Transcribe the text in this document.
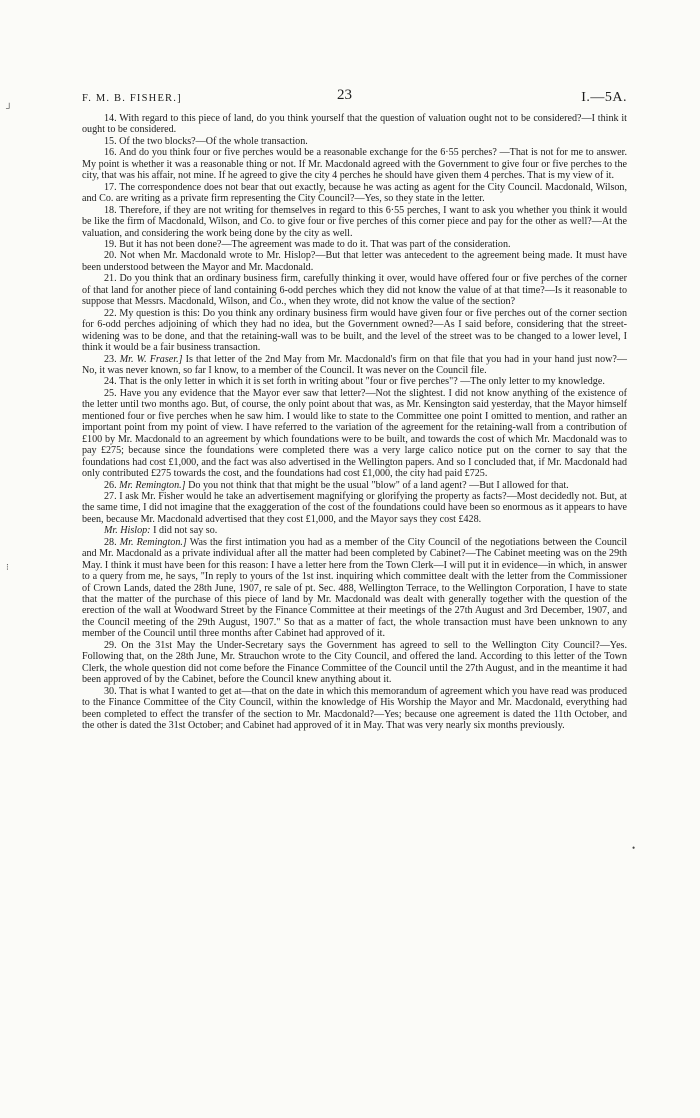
F. M. B. FISHER.]	23	I.—5A.
┘
⁝
•

14. With regard to this piece of land, do you think yourself that the question of valuation ought not to be considered?—I think it ought to be considered.

15. Of the two blocks?—Of the whole transaction.

16. And do you think four or five perches would be a reasonable exchange for the 6·55 perches? —That is not for me to answer. My point is whether it was a reasonable thing or not. If Mr. Macdonald agreed with the Government to give four or five perches to the city, that was his affair, not mine. If he agreed to give the city 4 perches he should have given them 4 perches. That is my view of it.

17. The correspondence does not bear that out exactly, because he was acting as agent for the City Council. Macdonald, Wilson, and Co. are writing as a private firm representing the City Council?—Yes, so they state in the letter.

18. Therefore, if they are not writing for themselves in regard to this 6·55 perches, I want to ask you whether you think it would be like the firm of Macdonald, Wilson, and Co. to give four or five perches of this corner piece and pay for the other as well?—At the valuation, and considering the work being done by the city as well.

19. But it has not been done?—The agreement was made to do it. That was part of the consideration.

20. Not when Mr. Macdonald wrote to Mr. Hislop?—But that letter was antecedent to the agreement being made. It must have been understood between the Mayor and Mr. Macdonald.

21. Do you think that an ordinary business firm, carefully thinking it over, would have offered four or five perches of the corner of that land for another piece of land containing 6-odd perches which they did not know the value of at that time?—Is it reasonable to suppose that Messrs. Macdonald, Wilson, and Co., when they wrote, did not know the value of the section?

22. My question is this: Do you think any ordinary business firm would have given four or five perches out of the corner section for 6-odd perches adjoining of which they had no idea, but the Government owned?—As I said before, considering that the street-widening was to be done, and that the retaining-wall was to be built, and the level of the street was to be changed to a lower level, I think it would be a fair business transaction.

23. Mr. W. Fraser.] Is that letter of the 2nd May from Mr. Macdonald's firm on that file that you had in your hand just now?—No, it was never known, so far I know, to a member of the Council. It was never on the Council file.

24. That is the only letter in which it is set forth in writing about "four or five perches"? —The only letter to my knowledge.

25. Have you any evidence that the Mayor ever saw that letter?—Not the slightest. I did not know anything of the existence of the letter until two months ago. But, of course, the only point about that was, as Mr. Kensington said yesterday, that the Mayor himself mentioned four or five perches when he saw him. I would like to state to the Committee one point I omitted to mention, and rather an important point from my point of view. I have referred to the variation of the agreement for the retaining-wall from a contribution of £100 by Mr. Macdonald to an agreement by which foundations were to be built, and towards the cost of which Mr. Macdonald was to pay £275; because since the foundations were completed there was a very large calico notice put on the corner to say that the foundations had cost £1,000, and the fact was also advertised in the Wellington papers. And so I concluded that, if Mr. Macdonald had only contributed £275 towards the cost, and the foundations had cost £1,000, the city had paid £725.

26. Mr. Remington.] Do you not think that that might be the usual "blow" of a land agent? —But I allowed for that.

27. I ask Mr. Fisher would he take an advertisement magnifying or glorifying the property as facts?—Most decidedly not. But, at the same time, I did not imagine that the exaggeration of the cost of the foundations could have been so enormous as it appears to have been, because Mr. Macdonald advertised that they cost £1,000, and the Mayor says they cost £428.

Mr. Hislop: I did not say so.

28. Mr. Remington.] Was the first intimation you had as a member of the City Council of the negotiations between the Council and Mr. Macdonald as a private individual after all the matter had been completed by Cabinet?—The Cabinet meeting was on the 29th May. I think it must have been for this reason: I have a letter here from the Town Clerk—I will put it in evidence—in which, in answer to a query from me, he says, "In reply to yours of the 1st inst. inquiring which committee dealt with the letter from the Commissioner of Crown Lands, dated the 28th June, 1907, re sale of pt. Sec. 488, Wellington Terrace, to the Wellington Corporation, I have to state that the matter of the purchase of this piece of land by Mr. Macdonald was dealt with generally together with the question of the erection of the wall at Woodward Street by the Finance Committee at their meetings of the 27th August and 3rd December, 1907, and the Council meeting of the 29th August, 1907." So that as a matter of fact, the whole transaction must have been unknown to any member of the Council until three months after Cabinet had approved of it.

29. On the 31st May the Under-Secretary says the Government has agreed to sell to the Wellington City Council?—Yes. Following that, on the 28th June, Mr. Strauchon wrote to the City Council, and offered the land. According to this letter of the Town Clerk, the whole question did not come before the Finance Committee of the Council until the 27th August, and in the meantime it had been approved of by the Cabinet, before the Council knew anything about it.

30. That is what I wanted to get at—that on the date in which this memorandum of agreement which you have read was produced to the Finance Committee of the City Council, within the knowledge of His Worship the Mayor and Mr. Macdonald, everything had been completed to effect the transfer of the section to Mr. Macdonald?—Yes; because one agreement is dated the 11th October, and the other is dated the 31st October; and Cabinet had approved of it in May. That was very nearly six months previously.
